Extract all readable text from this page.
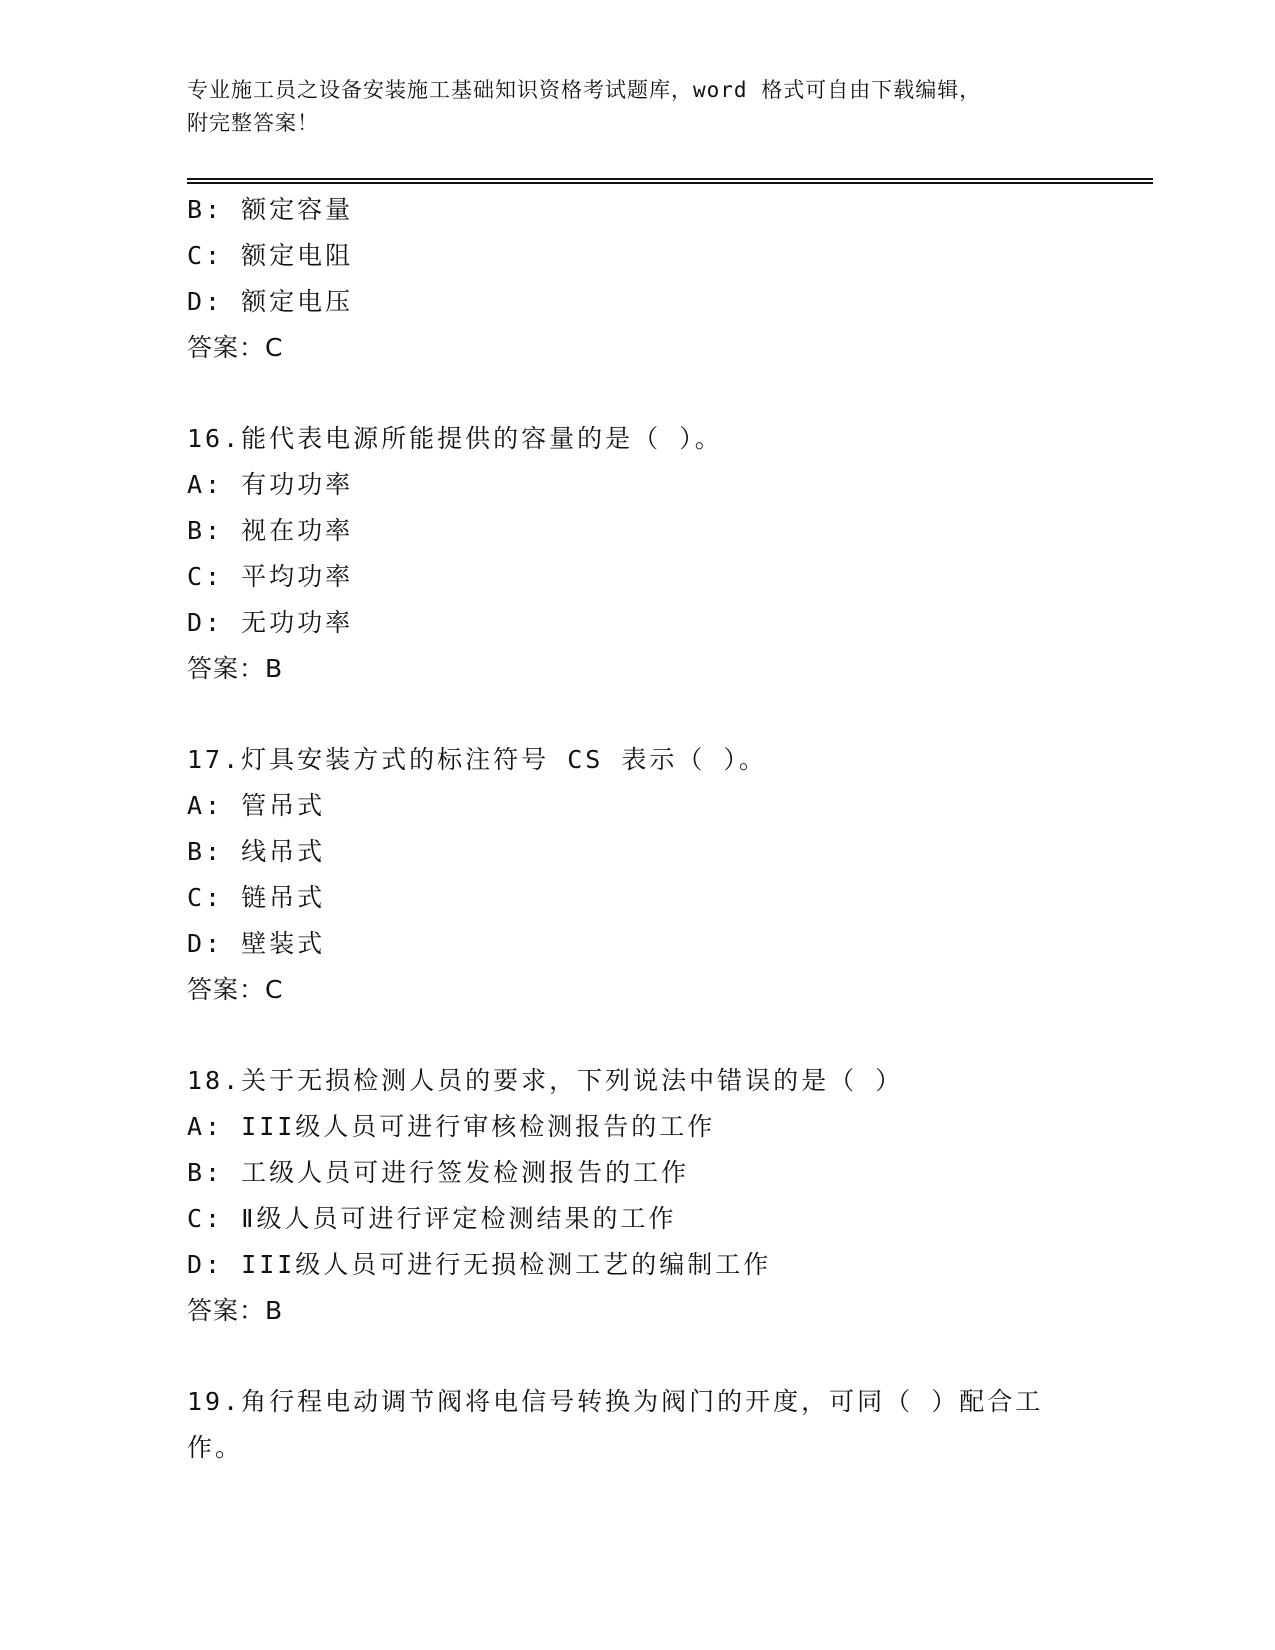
专业施工员之设备安装施工基础知识资格考试题库，word 格式可自由下载编辑，
附完整答案！
B: 额定容量
C: 额定电阻
D: 额定电压
答案：C
16.能代表电源所能提供的容量的是（ ）。
A: 有功功率
B: 视在功率
C: 平均功率
D: 无功功率
答案：B
17.灯具安装方式的标注符号 CS 表示（ ）。
A: 管吊式
B: 线吊式
C: 链吊式
D: 壁装式
答案：C
18.关于无损检测人员的要求，下列说法中错误的是（ ）
A: III级人员可进行审核检测报告的工作
B: 工级人员可进行签发检测报告的工作
C: Ⅱ级人员可进行评定检测结果的工作
D: III级人员可进行无损检测工艺的编制工作
答案：B
19.角行程电动调节阀将电信号转换为阀门的开度，可同（ ）配合工
作。
